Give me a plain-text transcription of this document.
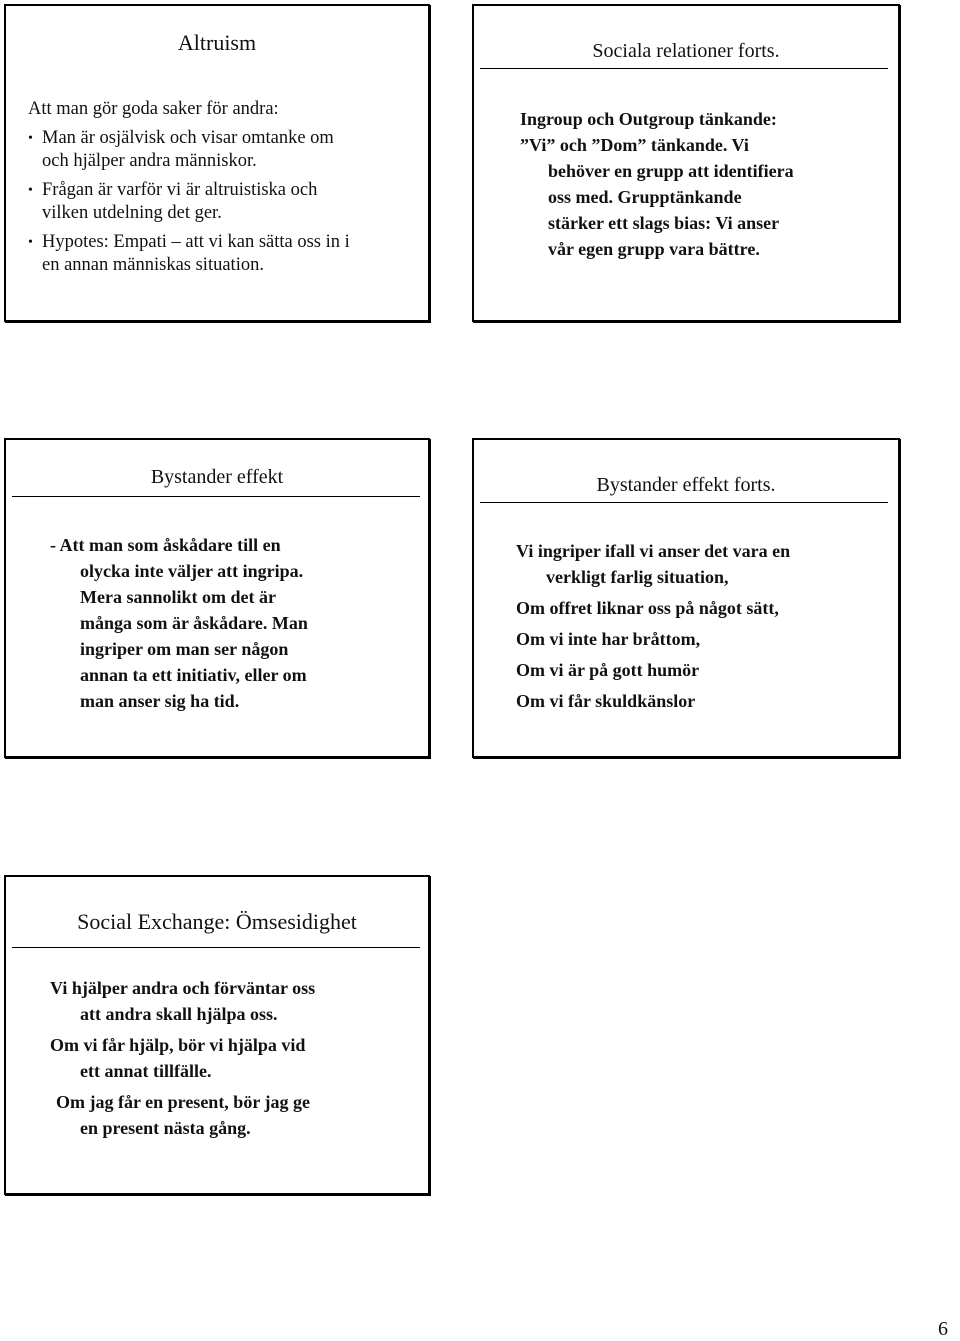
Altruism
Att man gör goda saker för andra:
• Man är osjälvisk och visar omtanke om
och hjälper andra människor.
• Frågan är varför vi är altruistiska och
vilken utdelning det ger.
• Hypotes: Empati – att vi kan sätta oss in i
en annan människas situation.
Sociala relationer forts.
Ingroup och Outgroup tänkande:
”Vi” och ”Dom” tänkande. Vi
behöver en grupp att identifiera
oss med. Grupptänkande
stärker ett slags bias: Vi anser
vår egen grupp vara bättre.
Bystander effekt
- Att man som åskådare till en
olycka inte väljer att ingripa.
Mera sannolikt om det är
många som är åskådare. Man
ingriper om man ser någon
annan ta ett initiativ, eller om
man anser sig ha tid.
Bystander effekt forts.
Vi ingriper ifall vi anser det vara en
verkligt farlig situation,
Om offret liknar oss på något sätt,
Om vi inte har bråttom,
Om vi är på gott humör
Om vi får skuldkänslor
Social Exchange: Ömsesidighet
Vi hjälper andra och förväntar oss
att andra skall hjälpa oss.
Om vi får hjälp, bör vi hjälpa vid
ett annat tillfälle.
Om jag får en present, bör jag ge
en present nästa gång.
6
